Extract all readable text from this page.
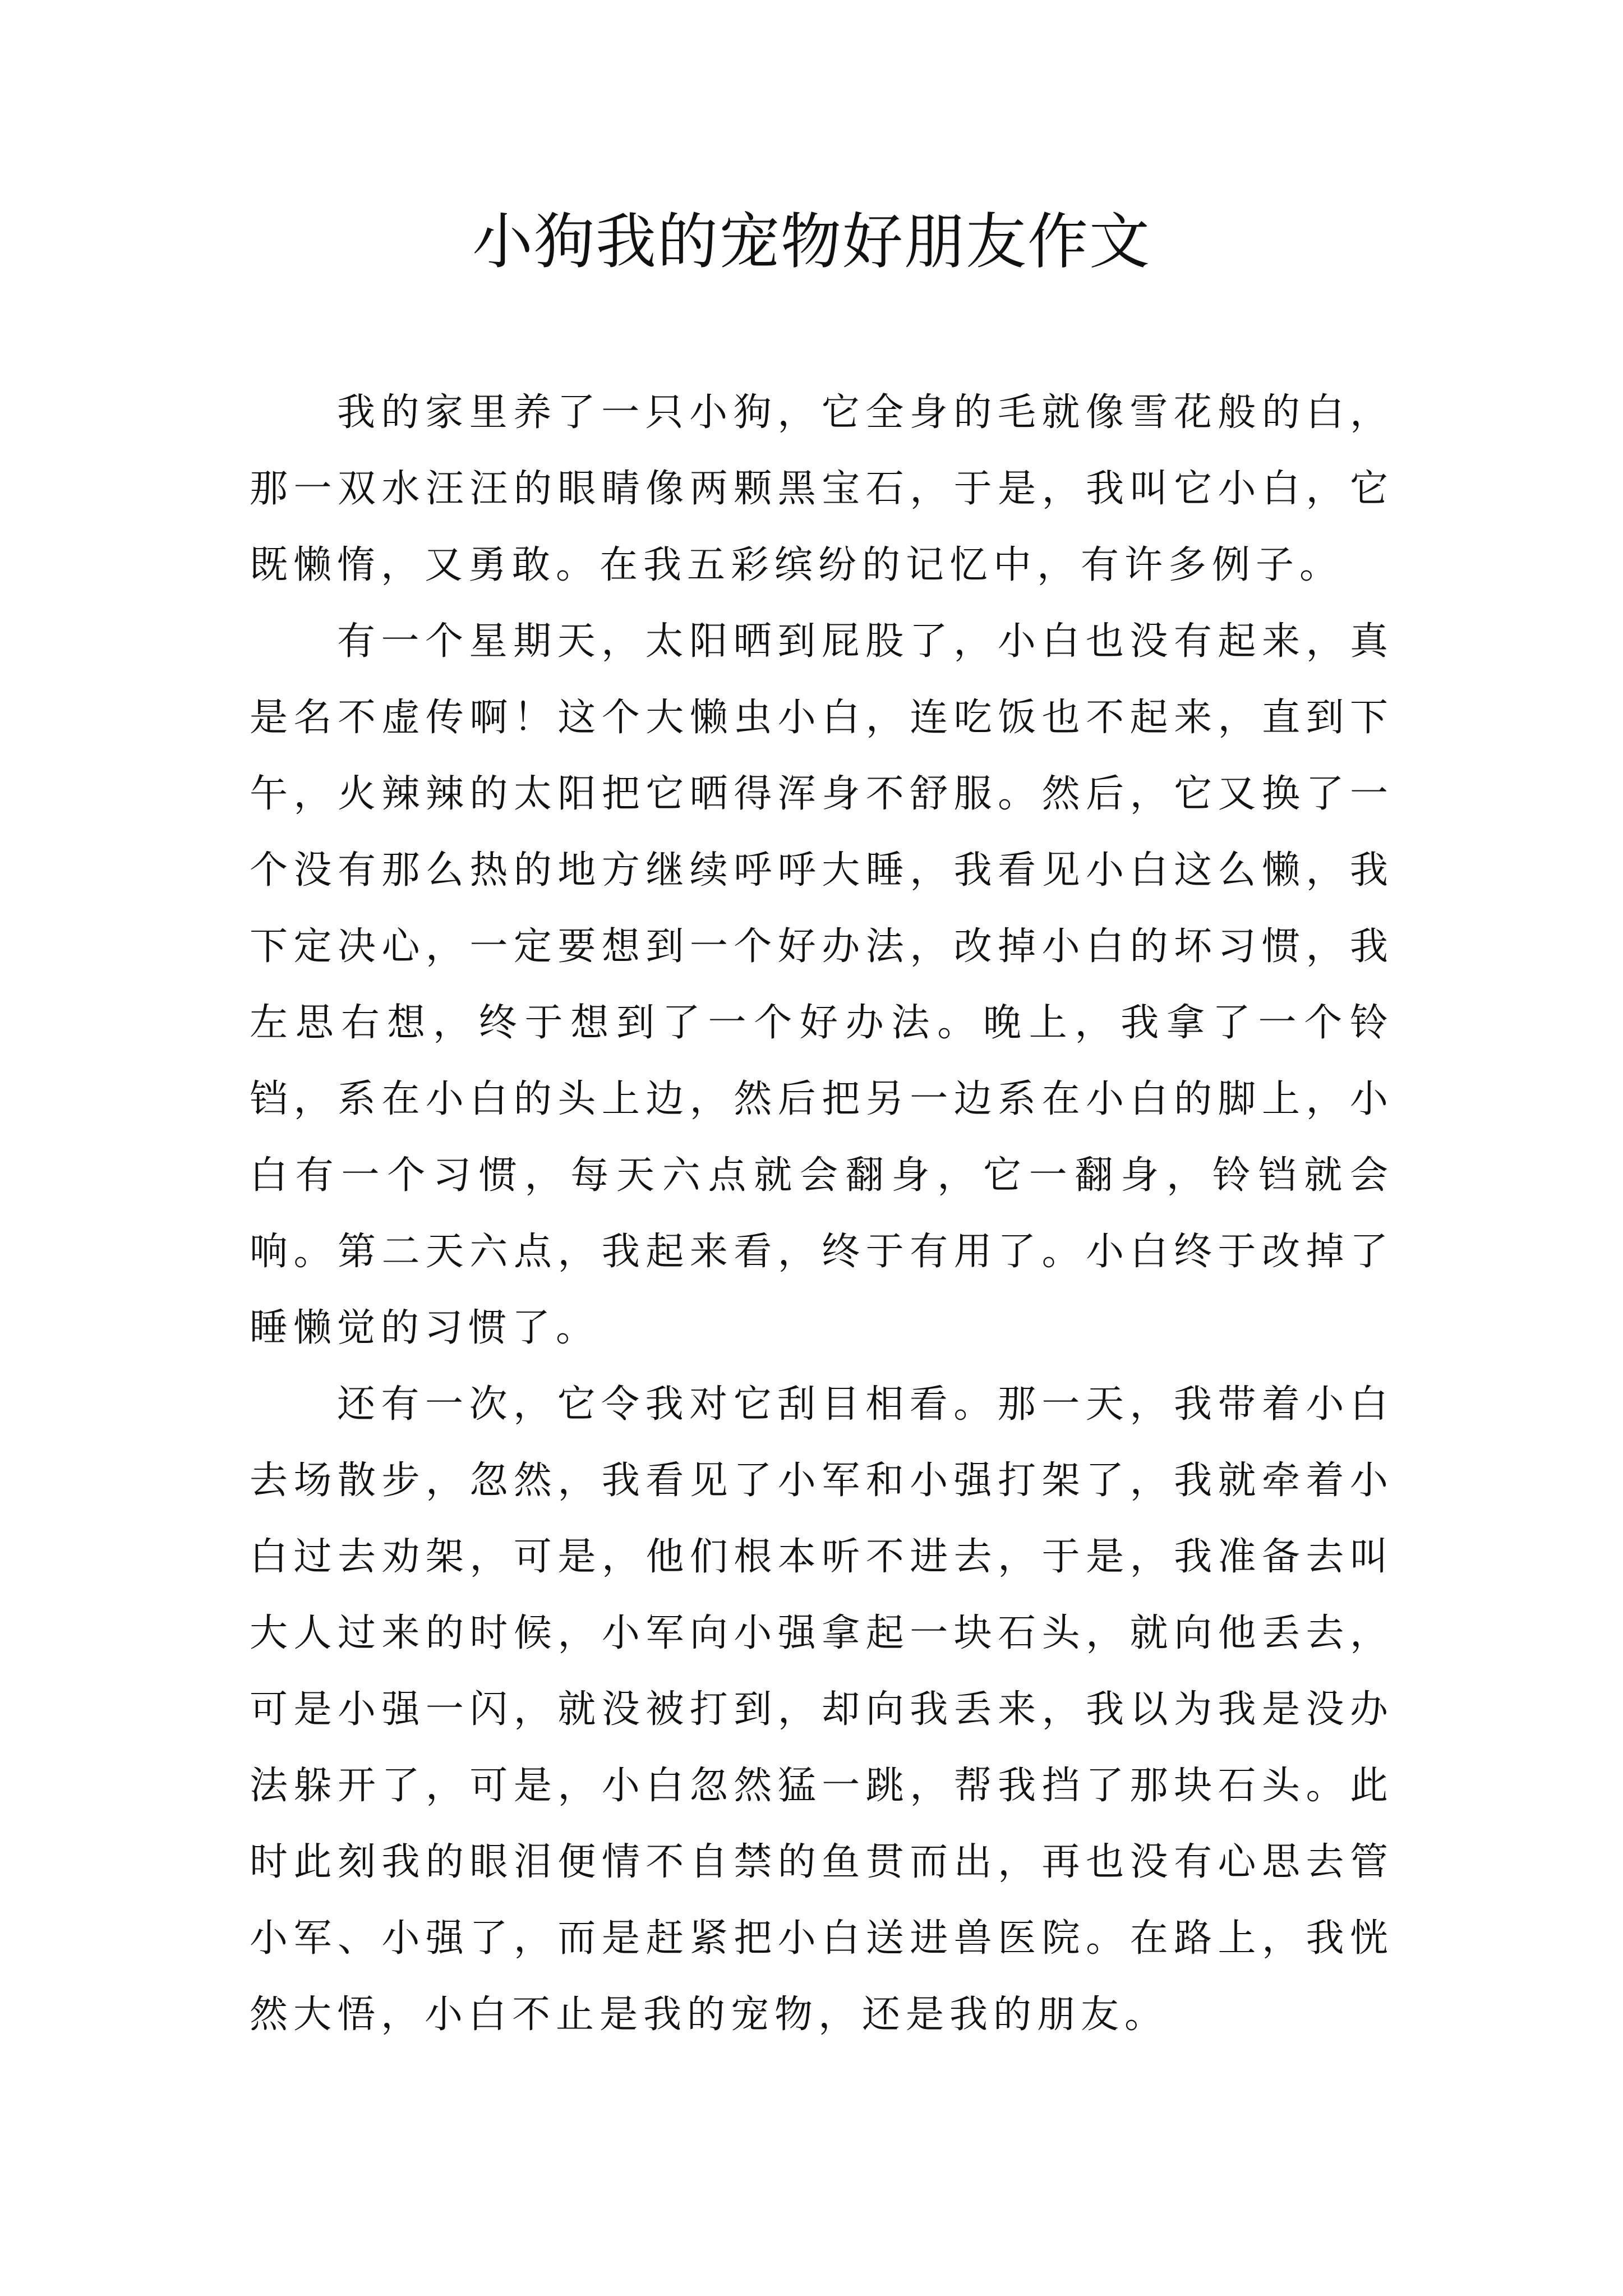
小狗我的宠物好朋友作文

我的家里养了一只小狗，它全身的毛就像雪花般的白，那一双水汪汪的眼睛像两颗黑宝石，于是，我叫它小白，它既懒惰，又勇敢。在我五彩缤纷的记忆中，有许多例子。

有一个星期天，太阳晒到屁股了，小白也没有起来，真是名不虚传啊！这个大懒虫小白，连吃饭也不起来，直到下午，火辣辣的太阳把它晒得浑身不舒服。然后，它又换了一个没有那么热的地方继续呼呼大睡，我看见小白这么懒，我下定决心，一定要想到一个好办法，改掉小白的坏习惯，我左思右想，终于想到了一个好办法。晚上，我拿了一个铃铛，系在小白的头上边，然后把另一边系在小白的脚上，小白有一个习惯，每天六点就会翻身，它一翻身，铃铛就会响。第二天六点，我起来看，终于有用了。小白终于改掉了睡懒觉的习惯了。

还有一次，它令我对它刮目相看。那一天，我带着小白去场散步，忽然，我看见了小军和小强打架了，我就牵着小白过去劝架，可是，他们根本听不进去，于是，我准备去叫大人过来的时候，小军向小强拿起一块石头，就向他丢去，可是小强一闪，就没被打到，却向我丢来，我以为我是没办法躲开了，可是，小白忽然猛一跳，帮我挡了那块石头。此时此刻我的眼泪便情不自禁的鱼贯而出，再也没有心思去管小军、小强了，而是赶紧把小白送进兽医院。在路上，我恍然大悟，小白不止是我的宠物，还是我的朋友。
